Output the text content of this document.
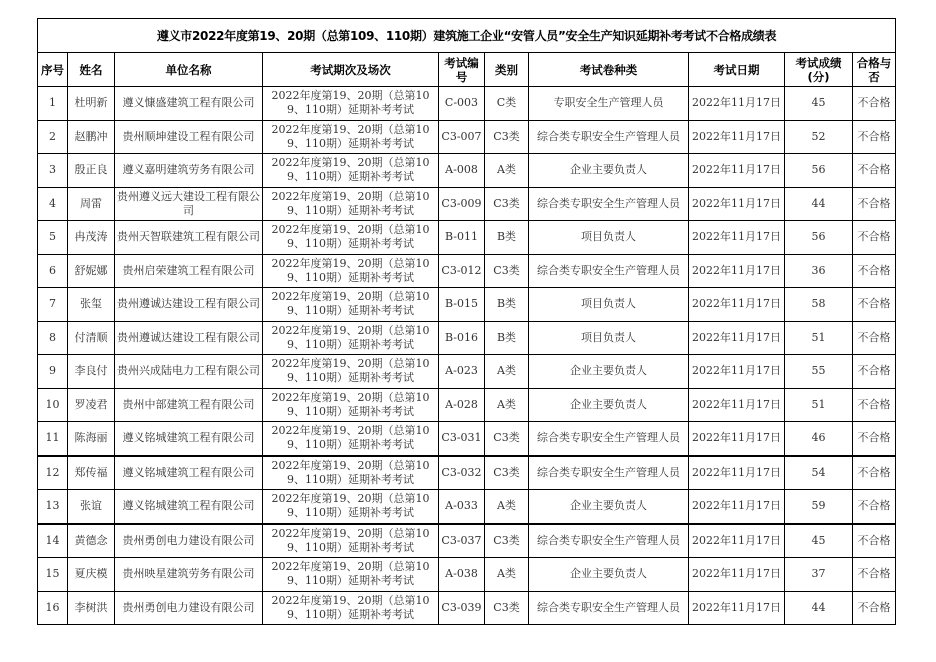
遵义市2022年度第19、20期（总第109、110期）建筑施工企业“安管人员”安全生产知识延期补考考试不合格成绩表									
序号	姓名	单位名称	考试期次及场次	考试编号	类别	考试卷种类	考试日期	考试成绩(分)	合格与否
1	杜明新	遵义慷盛建筑工程有限公司	2022年度第19、20期（总第109、110期）延期补考考试	C-003	C类	专职安全生产管理人员	2022年11月17日	45	不合格
2	赵鹏冲	贵州顺坤建设工程有限公司	2022年度第19、20期（总第109、110期）延期补考考试	C3-007	C3类	综合类专职安全生产管理人员	2022年11月17日	52	不合格
3	殷正良	遵义嘉明建筑劳务有限公司	2022年度第19、20期（总第109、110期）延期补考考试	A-008	A类	企业主要负责人	2022年11月17日	56	不合格
4	周雷	贵州遵义远大建设工程有限公司	2022年度第19、20期（总第109、110期）延期补考考试	C3-009	C3类	综合类专职安全生产管理人员	2022年11月17日	44	不合格
5	冉茂涛	贵州天智联建筑工程有限公司	2022年度第19、20期（总第109、110期）延期补考考试	B-011	B类	项目负责人	2022年11月17日	56	不合格
6	舒妮娜	贵州启荣建筑工程有限公司	2022年度第19、20期（总第109、110期）延期补考考试	C3-012	C3类	综合类专职安全生产管理人员	2022年11月17日	36	不合格
7	张玺	贵州遵诚达建设工程有限公司	2022年度第19、20期（总第109、110期）延期补考考试	B-015	B类	项目负责人	2022年11月17日	58	不合格
8	付清顺	贵州遵诚达建设工程有限公司	2022年度第19、20期（总第109、110期）延期补考考试	B-016	B类	项目负责人	2022年11月17日	51	不合格
9	李良付	贵州兴成陆电力工程有限公司	2022年度第19、20期（总第109、110期）延期补考考试	A-023	A类	企业主要负责人	2022年11月17日	55	不合格
10	罗凌君	贵州中部建筑工程有限公司	2022年度第19、20期（总第109、110期）延期补考考试	A-028	A类	企业主要负责人	2022年11月17日	51	不合格
11	陈海丽	遵义铭城建筑工程有限公司	2022年度第19、20期（总第109、110期）延期补考考试	C3-031	C3类	综合类专职安全生产管理人员	2022年11月17日	46	不合格
12	郑传福	遵义铭城建筑工程有限公司	2022年度第19、20期（总第109、110期）延期补考考试	C3-032	C3类	综合类专职安全生产管理人员	2022年11月17日	54	不合格
13	张谊	遵义铭城建筑工程有限公司	2022年度第19、20期（总第109、110期）延期补考考试	A-033	A类	企业主要负责人	2022年11月17日	59	不合格
14	黄德念	贵州勇创电力建设有限公司	2022年度第19、20期（总第109、110期）延期补考考试	C3-037	C3类	综合类专职安全生产管理人员	2022年11月17日	45	不合格
15	夏庆模	贵州映星建筑劳务有限公司	2022年度第19、20期（总第109、110期）延期补考考试	A-038	A类	企业主要负责人	2022年11月17日	37	不合格
16	李树洪	贵州勇创电力建设有限公司	2022年度第19、20期（总第109、110期）延期补考考试	C3-039	C3类	综合类专职安全生产管理人员	2022年11月17日	44	不合格
